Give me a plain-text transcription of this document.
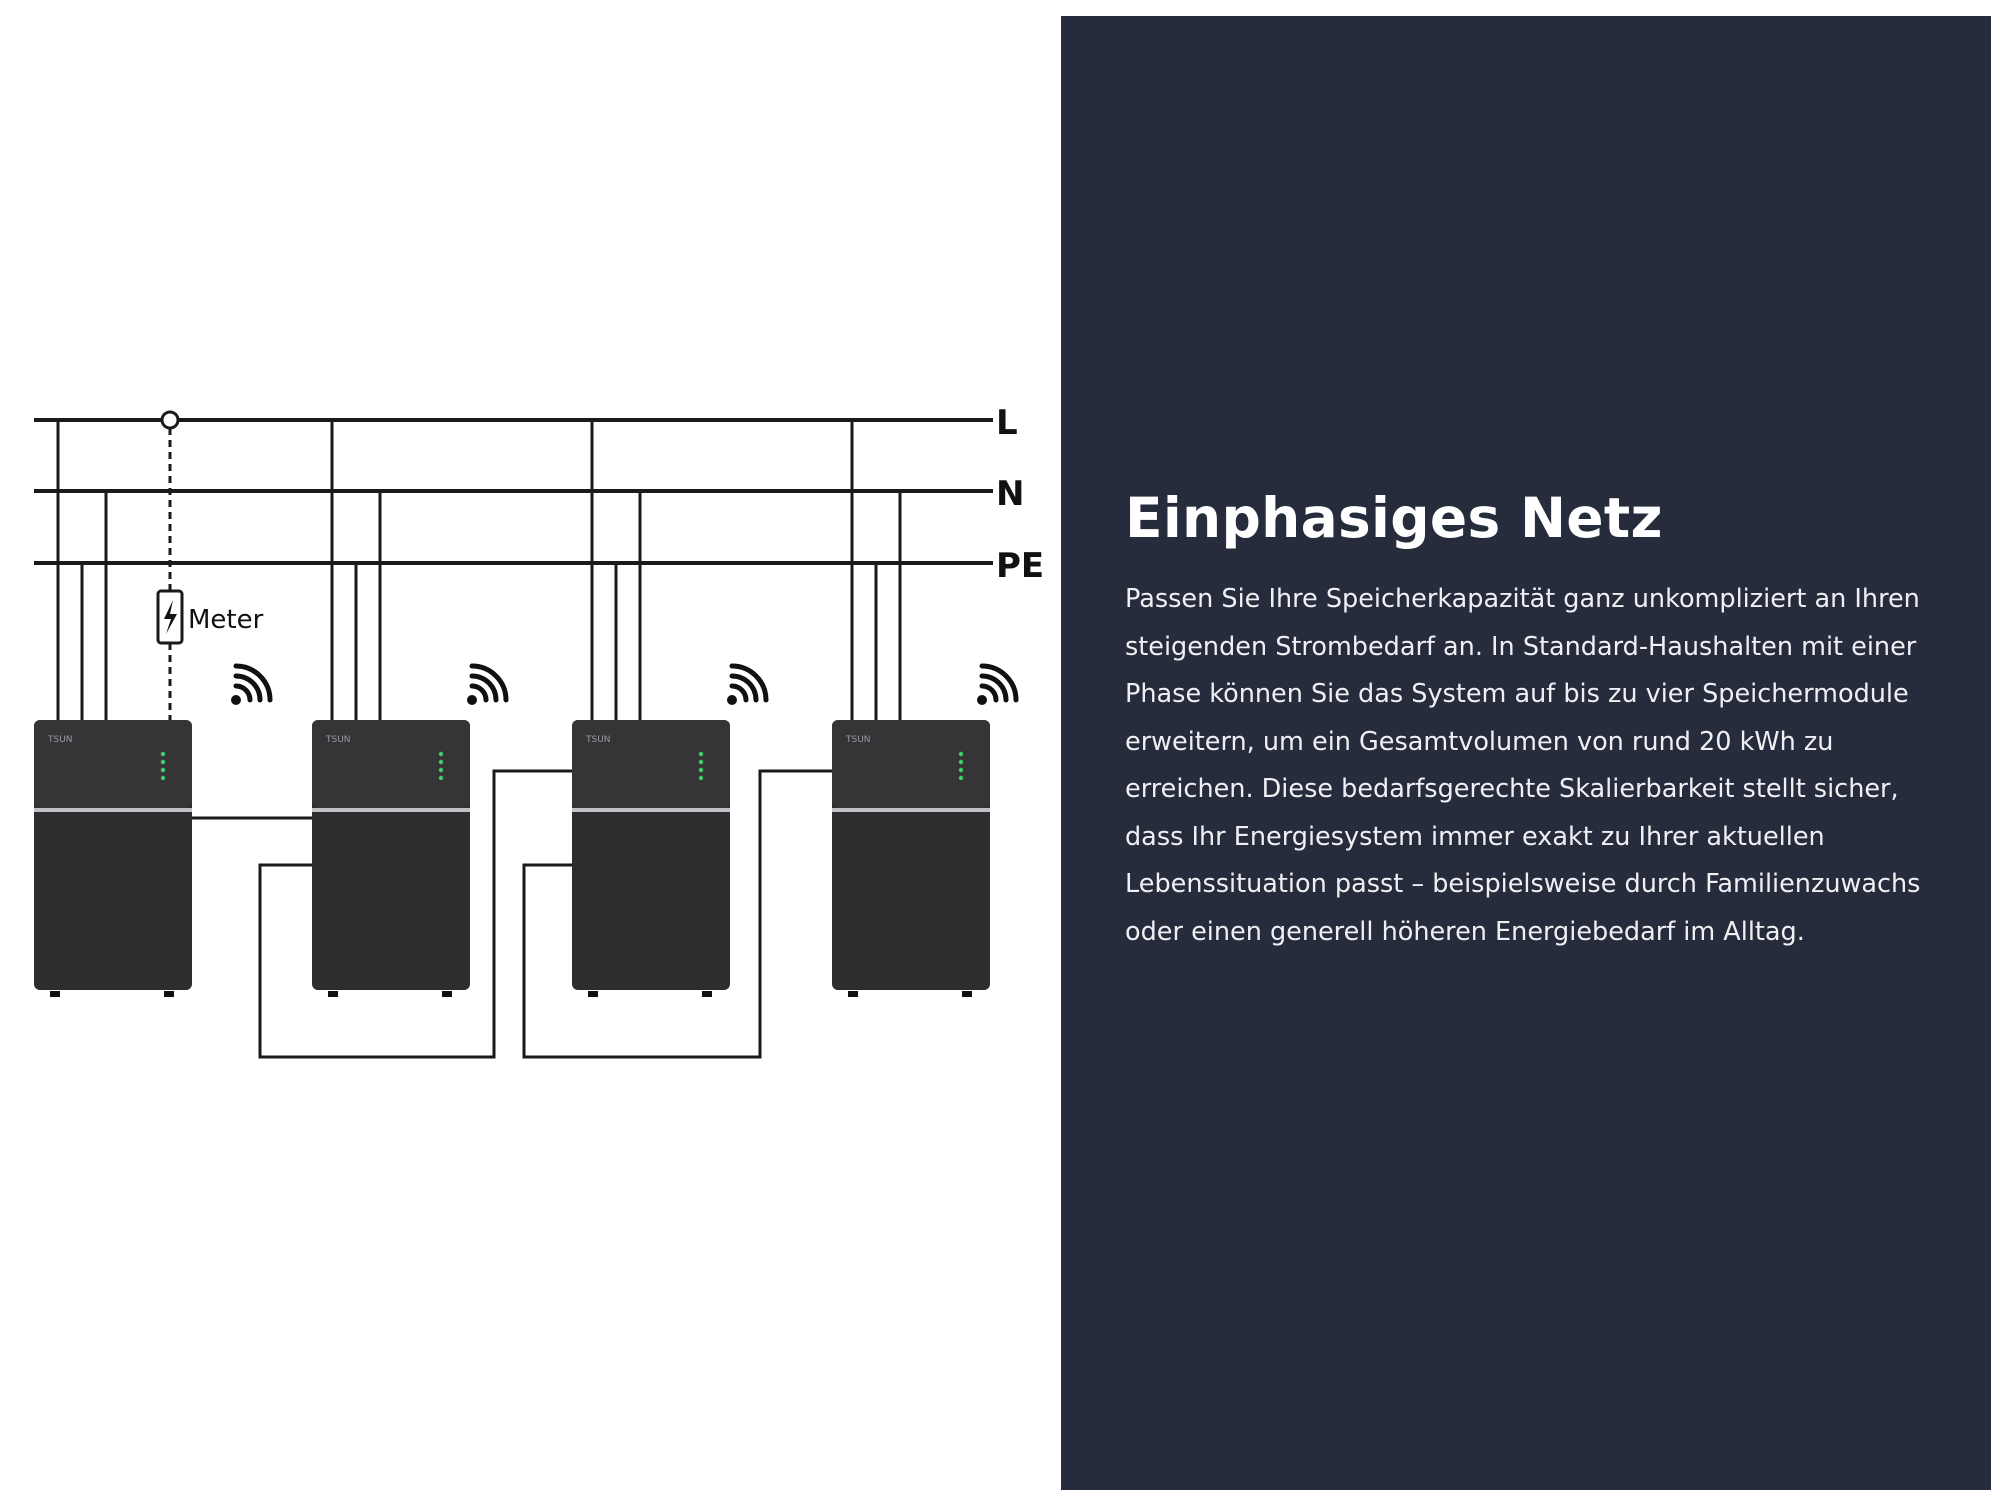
L
N
PE
Meter
TSUN	TSUN	TSUN	TSUN
Einphasiges Netz

Passen Sie Ihre Speicherkapazität ganz unkompliziert an Ihren steigenden Strombedarf an. In Standard-Haushalten mit einer Phase können Sie das System auf bis zu vier Speichermodule erweitern, um ein Gesamtvolumen von rund 20 kWh zu erreichen. Diese bedarfsgerechte Skalierbarkeit stellt sicher, dass Ihr Energiesystem immer exakt zu Ihrer aktuellen Lebenssituation passt – beispielsweise durch Familienzuwachs oder einen generell höheren Energiebedarf im Alltag.
